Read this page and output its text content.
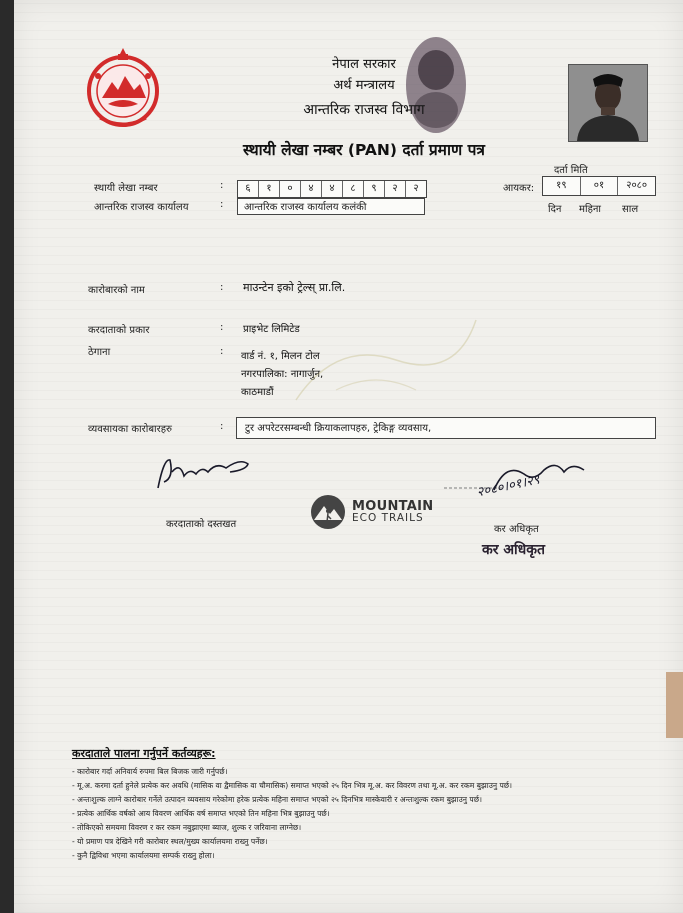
नेपाल सरकार
अर्थ मन्त्रालय
आन्तरिक राजस्व विभाग
स्थायी लेखा नम्बर (PAN) दर्ता प्रमाण पत्र
दर्ता मिति
आयकर:	१९	०१	२०८०
दिन महिना साल
स्थायी लेखा नम्बर	:	६	१	०	४	४	८	९	२	२
आन्तरिक राजस्व कार्यालय	:	आन्तरिक राजस्व कार्यालय कलंकी
कारोबारको नाम	: माउन्टेन इको ट्रेल्स् प्रा.लि.
करदाताको प्रकार	: प्राइभेट लिमिटेड
ठेगाना	: वार्ड नं. १, मिलन टोल
नगरपालिका: नागार्जुन,
काठमाडौं
व्यवसायका कारोबारहरु	:	टुर अपरेटरसम्बन्धी क्रियाकलापहरु, ट्रेकिङ्ग व्यवसाय,
करदाताको दस्तखत
MOUNTAIN
ECO TRAILS
२०८०।०१।२९
कर अधिकृत
कर अधिकृत
करदाताले पालना गर्नुपर्ने कर्तव्यहरू:
- कारोबार गर्दा अनिवार्य रुपमा बिल बिजक जारी गर्नुपर्छ।
- मू.अ. करमा दर्ता हुनेले प्रत्येक कर अवधि (मासिक वा द्वैमासिक वा चौमासिक) समाप्त भएको २५ दिन भित्र मू.अ. कर विवरण तथा मू.अ. कर रकम बुझाउनु पर्छ।
- अन्तःशुल्क लाग्ने कारोबार गर्नेले उत्पादन व्यवसाय गरेकोमा हरेक प्रत्येक महिना समाप्त भएको २५ दिनभित्र मास्केवारी र अन्तःशुल्क रकम बुझाउनु पर्छ।
- प्रत्येक आर्थिक वर्षको आय विवरण आर्थिक वर्ष समाप्त भएको तिन महिना भित्र बुझाउनु पर्छ।
- तोकिएको समयमा विवरण र कर रकम नबुझाएमा ब्याज, शुल्क र जरिवाना लाग्नेछ।
- यो प्रमाण पत्र देखिने गरी कारोबार स्थल/मुख्य कार्यालयमा राख्नु पर्नेछ।
- कुनै द्विविधा भएमा कार्यालयमा सम्पर्क राख्नु होला।
